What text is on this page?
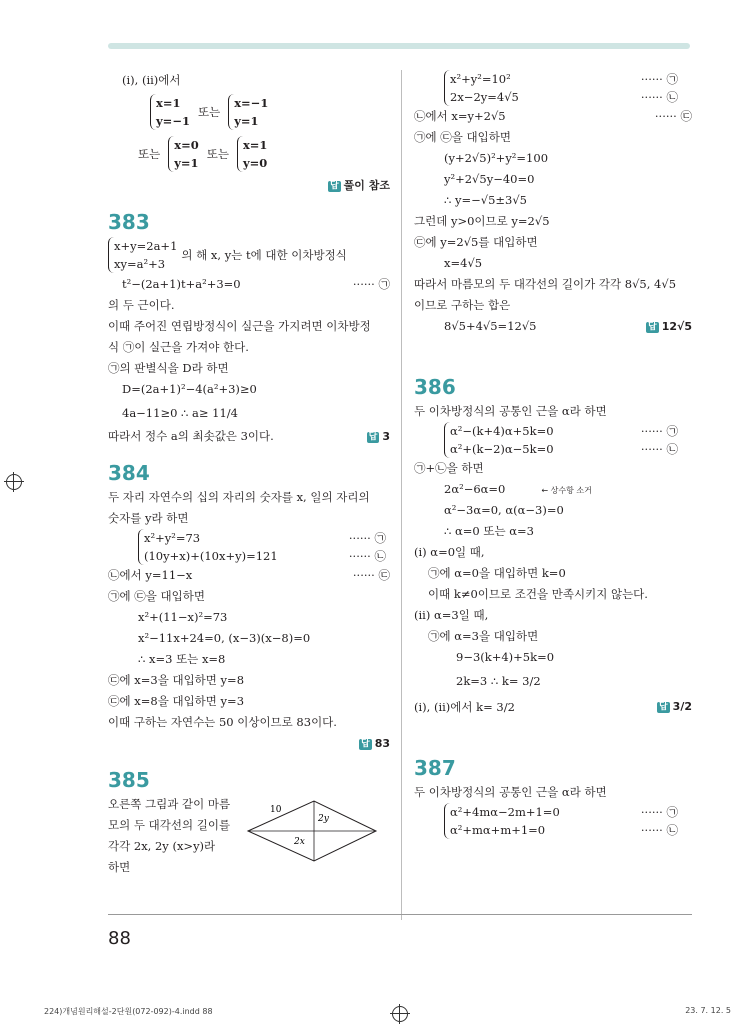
(i), (ii)에서
x=1
y=−1
또는
x=−1
y=1
또는
x=0
y=1
또는
x=1
y=0
답 풀이 참조
383
x+y=2a+1
xy=a²+3
의 해 x, y는 t에 대한 이차방정식
t²−(2a+1)t+a²+3=0	······ ㉠
의 두 근이다.
이때 주어진 연립방정식이 실근을 가지려면 이차방정
식 ㉠이 실근을 가져야 한다.
㉠의 판별식을 D라 하면
D=(2a+1)²−4(a²+3)≥0
4a−11≥0 ∴ a≥ 11/4
따라서 정수 a의 최솟값은 3이다.	답 3
384
두 자리 자연수의 십의 자리의 숫자를 x, 일의 자리의
숫자를 y라 하면
x²+y²=73	······ ㉠
(10y+x)+(10x+y)=121	······ ㉡
㉡에서 y=11−x	······ ㉢
㉠에 ㉢을 대입하면
x²+(11−x)²=73
x²−11x+24=0, (x−3)(x−8)=0
∴ x=3 또는 x=8
㉢에 x=3을 대입하면 y=8
㉢에 x=8을 대입하면 y=3
이때 구하는 자연수는 50 이상이므로 83이다.
답 83
385
오른쪽 그림과 같이 마름
모의 두 대각선의 길이를
각각 2x, 2y (x>y)라
하면
10
2y
2x
x²+y²=10²	······ ㉠
2x−2y=4√5	······ ㉡
㉡에서 x=y+2√5	······ ㉢
㉠에 ㉢을 대입하면
(y+2√5)²+y²=100
y²+2√5y−40=0
∴ y=−√5±3√5
그런데 y>0이므로 y=2√5
㉢에 y=2√5를 대입하면
x=4√5
따라서 마름모의 두 대각선의 길이가 각각 8√5, 4√5
이므로 구하는 합은
8√5+4√5=12√5	답 12√5
386
두 이차방정식의 공통인 근을 α라 하면
α²−(k+4)α+5k=0	······ ㉠
α²+(k−2)α−5k=0	······ ㉡
㉠+㉡을 하면
2α²−6α=0	← 상수항 소거
α²−3α=0, α(α−3)=0
∴ α=0 또는 α=3
(i) α=0일 때,
㉠에 α=0을 대입하면 k=0
이때 k≠0이므로 조건을 만족시키지 않는다.
(ii) α=3일 때,
㉠에 α=3을 대입하면
9−3(k+4)+5k=0
2k=3 ∴ k= 3/2
(i), (ii)에서 k= 3/2	답 3/2
387
두 이차방정식의 공통인 근을 α라 하면
α²+4mα−2m+1=0	······ ㉠
α²+mα+m+1=0	······ ㉡
88
224)개념원리해설-2단원(072-092)-4.indd 88	23. 7. 12. 5
